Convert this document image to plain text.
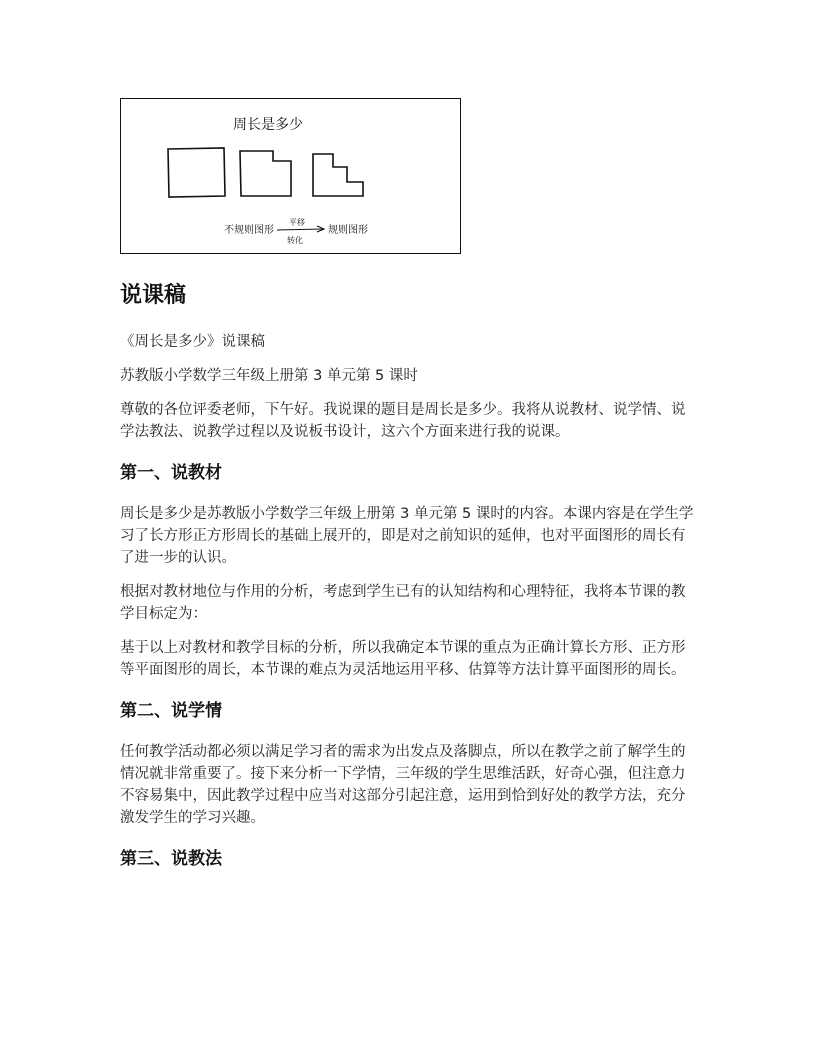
周长是多少
不规则图形
平移
转化
规则图形
说课稿

《周长是多少》说课稿

苏教版小学数学三年级上册第 3 单元第 5 课时

尊敬的各位评委老师，下午好。我说课的题目是周长是多少。我将从说教材、说学情、说学法教法、说教学过程以及说板书设计，这六个方面来进行我的说课。

第一、说教材

周长是多少是苏教版小学数学三年级上册第 3 单元第 5 课时的内容。本课内容是在学生学习了长方形正方形周长的基础上展开的，即是对之前知识的延伸，也对平面图形的周长有了进一步的认识。

根据对教材地位与作用的分析，考虑到学生已有的认知结构和心理特征，我将本节课的教学目标定为：

基于以上对教材和教学目标的分析，所以我确定本节课的重点为正确计算长方形、正方形等平面图形的周长，本节课的难点为灵活地运用平移、估算等方法计算平面图形的周长。

第二、说学情

任何教学活动都必须以满足学习者的需求为出发点及落脚点，所以在教学之前了解学生的情况就非常重要了。接下来分析一下学情，三年级的学生思维活跃，好奇心强，但注意力不容易集中，因此教学过程中应当对这部分引起注意，运用到恰到好处的教学方法，充分激发学生的学习兴趣。

第三、说教法
